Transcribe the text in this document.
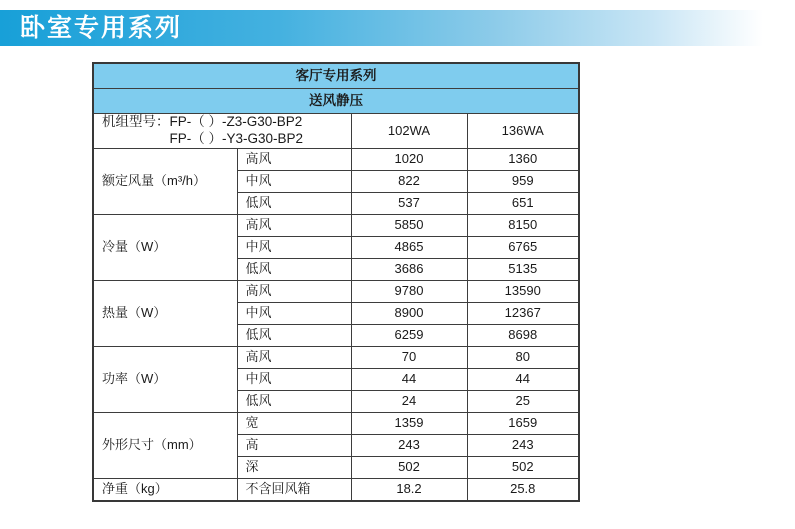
卧室专用系列
客厅专用系列			
送风静压			

机组型号： FP-（ ）-Z3-G30-BP2
FP-（ ）-Y3-G30-BP2		102WA	136WA
额定风量（m³/h）	高风	1020	1360
	中风	822	959
	低风	537	651
冷量（W）	高风	5850	8150
	中风	4865	6765
	低风	3686	5135
热量（W）	高风	9780	13590
	中风	8900	12367
	低风	6259	8698
功率（W）	高风	70	80
	中风	44	44
	低风	24	25
外形尺寸（mm）	宽	1359	1659
	高	243	243
	深	502	502
净重（kg）	不含回风箱	18.2	25.8
